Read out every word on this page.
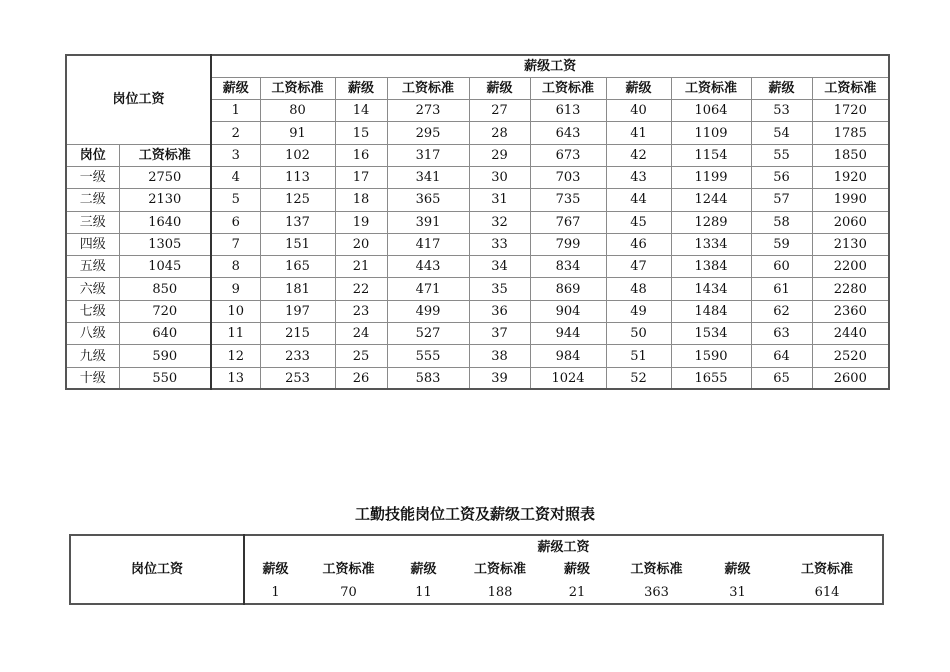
岗位工资		薪级工资									
		薪级	工资标准	薪级	工资标准	薪级	工资标准	薪级	工资标准	薪级	工资标准
		1	80	14	273	27	613	40	1064	53	1720
		2	91	15	295	28	643	41	1109	54	1785
岗位	工资标准	3	102	16	317	29	673	42	1154	55	1850
一级	2750	4	113	17	341	30	703	43	1199	56	1920
二级	2130	5	125	18	365	31	735	44	1244	57	1990
三级	1640	6	137	19	391	32	767	45	1289	58	2060
四级	1305	7	151	20	417	33	799	46	1334	59	2130
五级	1045	8	165	21	443	34	834	47	1384	60	2200
六级	850	9	181	22	471	35	869	48	1434	61	2280
七级	720	10	197	23	499	36	904	49	1484	62	2360
八级	640	11	215	24	527	37	944	50	1534	63	2440
九级	590	12	233	25	555	38	984	51	1590	64	2520
十级	550	13	253	26	583	39	1024	52	1655	65	2600
工勤技能岗位工资及薪级工资对照表
岗位工资	薪级工资							
	薪级	工资标准	薪级	工资标准	薪级	工资标准	薪级	工资标准
	1	70	11	188	21	363	31	614
